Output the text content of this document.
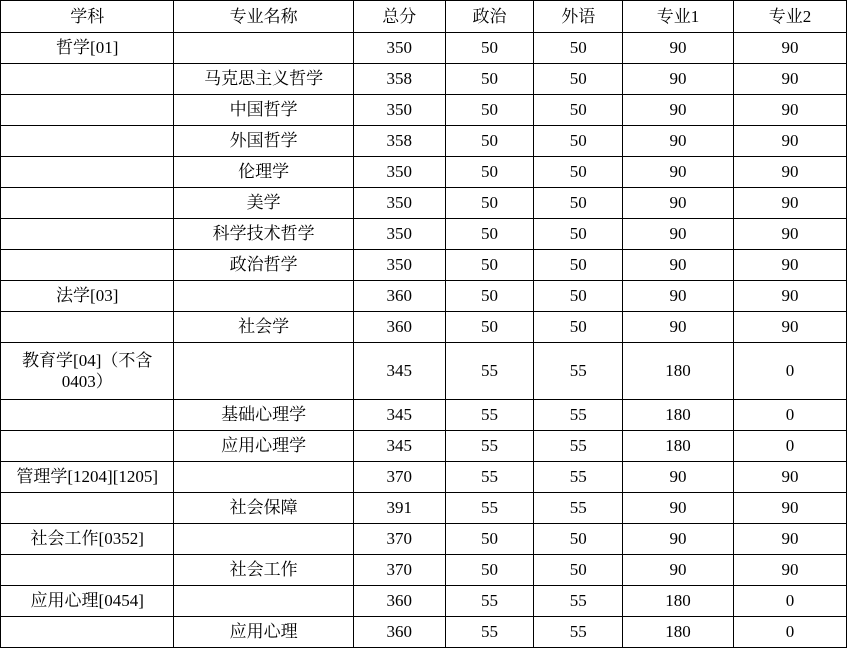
学科	专业名称	总分	政治	外语	专业1	专业2
哲学[01]		350	50	50	90	90
	马克思主义哲学	358	50	50	90	90
	中国哲学	350	50	50	90	90
	外国哲学	358	50	50	90	90
	伦理学	350	50	50	90	90
	美学	350	50	50	90	90
	科学技术哲学	350	50	50	90	90
	政治哲学	350	50	50	90	90
法学[03]		360	50	50	90	90
	社会学	360	50	50	90	90
教育学[04]（不含0403）		345	55	55	180	0
	基础心理学	345	55	55	180	0
	应用心理学	345	55	55	180	0
管理学[1204][1205]		370	55	55	90	90
	社会保障	391	55	55	90	90
社会工作[0352]		370	50	50	90	90
	社会工作	370	50	50	90	90
应用心理[0454]		360	55	55	180	0
	应用心理	360	55	55	180	0
